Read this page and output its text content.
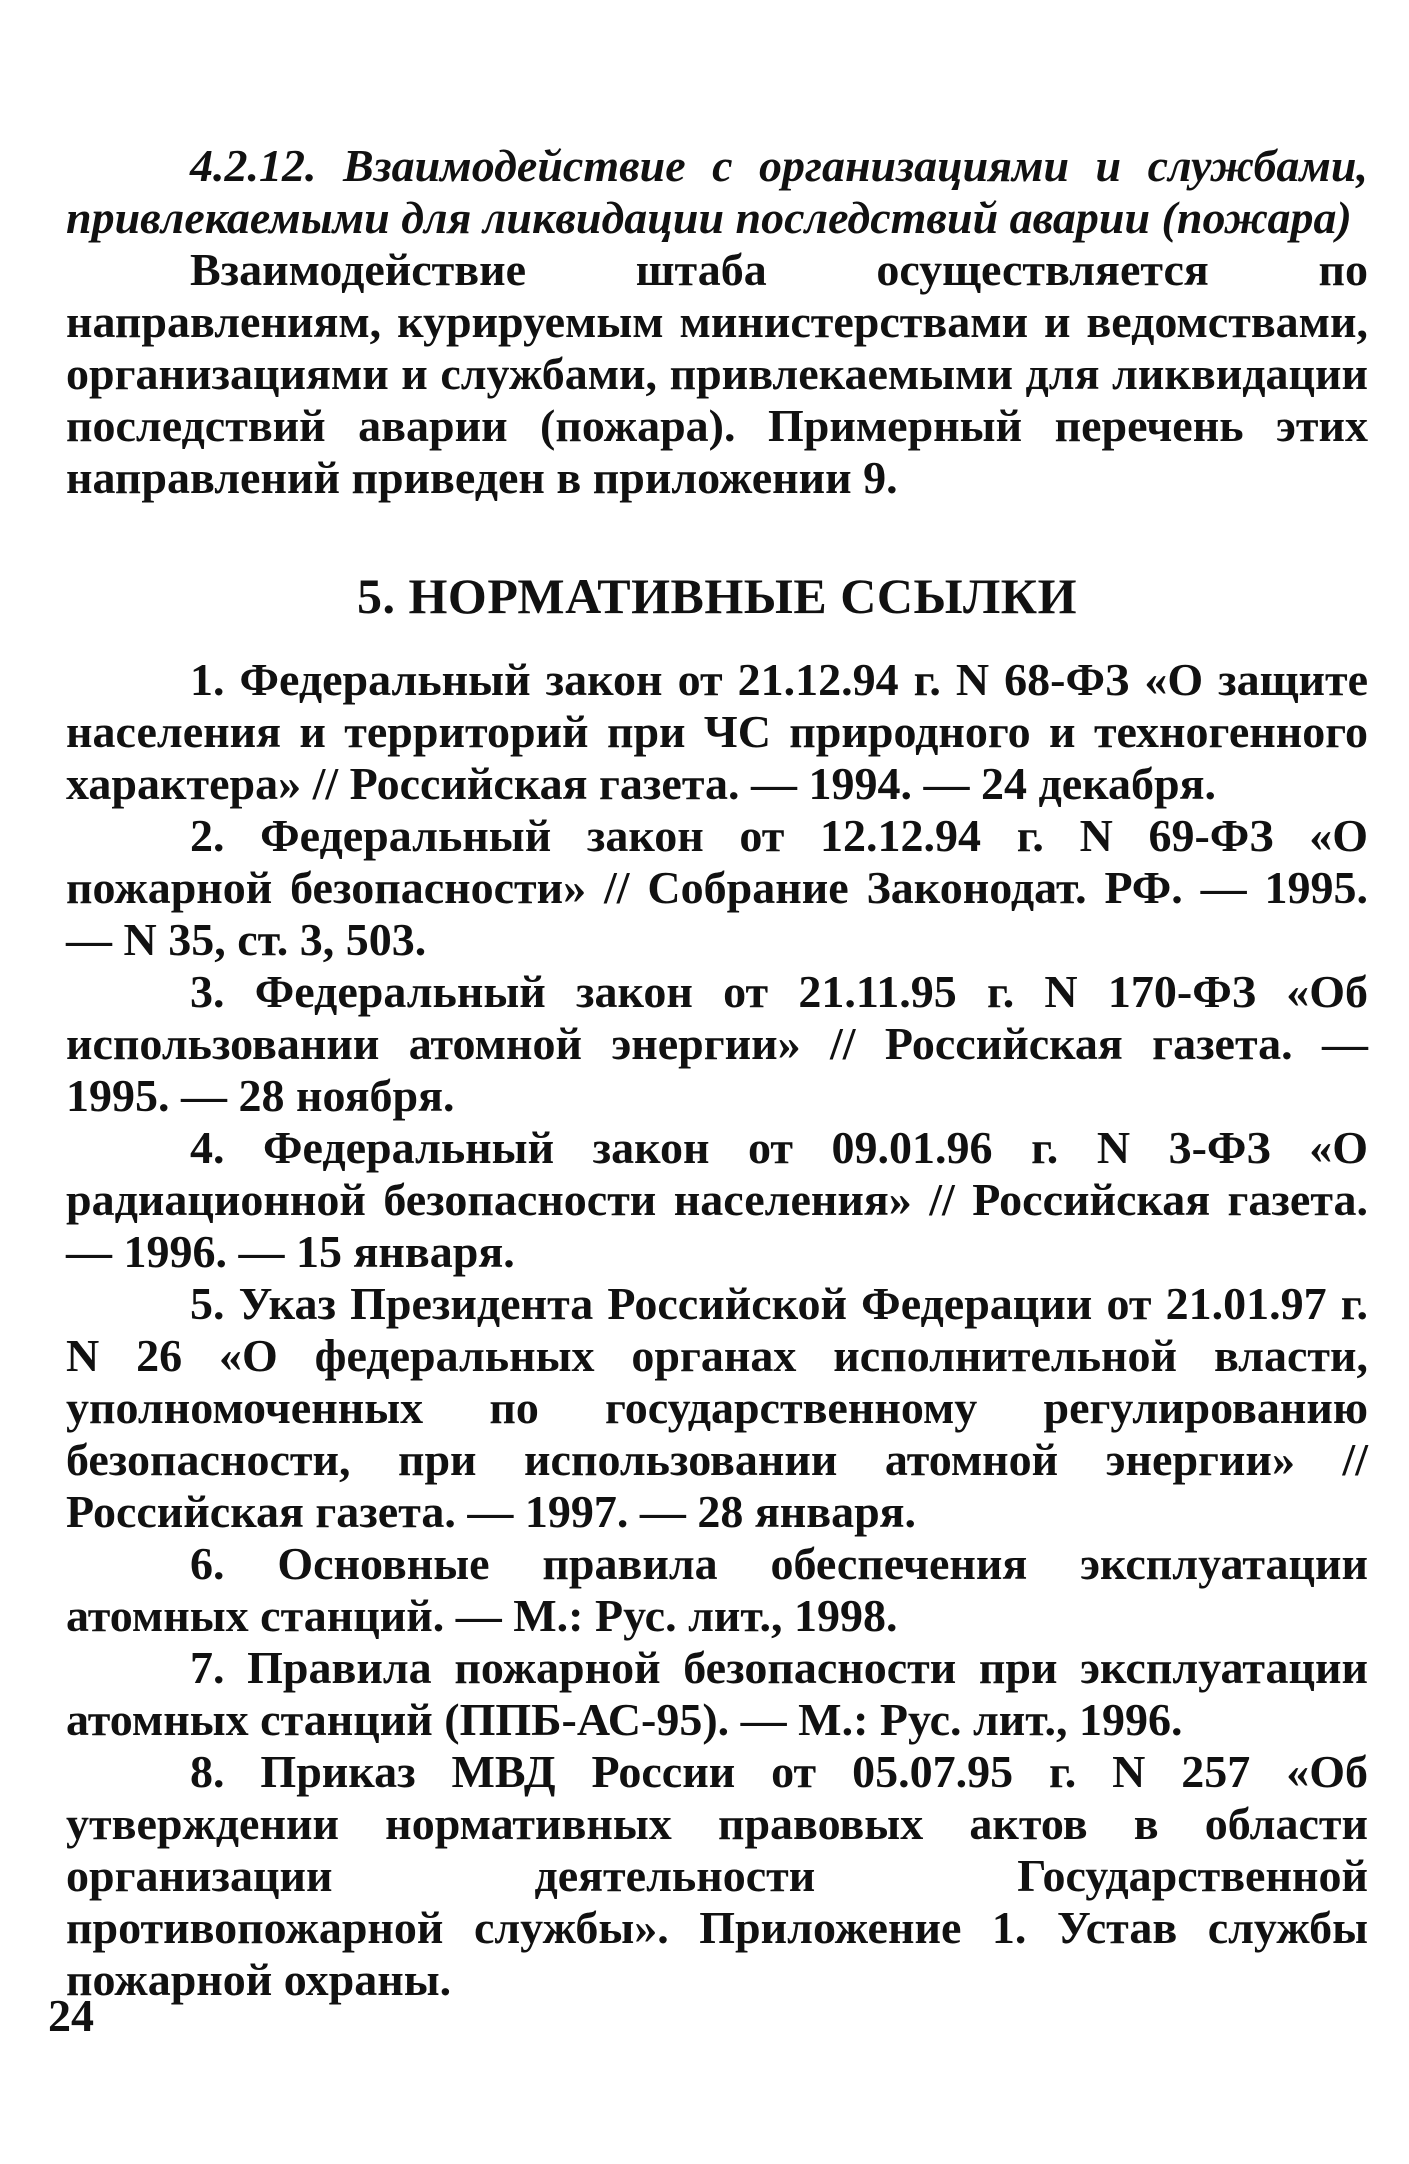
4.2.12. Взаимодействие с организациями и службами, привлекаемыми для ликвидации последствий аварии (пожара)

Взаимодействие штаба осуществляется по направлениям, курируемым министерствами и ведомствами, организациями и службами, привлекаемыми для ликвидации последствий аварии (пожара). Примерный перечень этих направлений приведен в приложении 9.

5. НОРМАТИВНЫЕ ССЫЛКИ

1. Федеральный закон от 21.12.94 г. N 68-ФЗ «О защите населения и территорий при ЧС природного и техногенного характера» // Российская газета. — 1994. — 24 декабря.

2. Федеральный закон от 12.12.94 г. N 69-ФЗ «О пожарной безопасности» // Собрание Законодат. РФ. — 1995. — N 35, ст. 3, 503.

3. Федеральный закон от 21.11.95 г. N 170-ФЗ «Об использовании атомной энергии» // Российская газета. — 1995. — 28 ноября.

4. Федеральный закон от 09.01.96 г. N 3-ФЗ «О радиационной безопасности населения» // Российская газета. — 1996. — 15 января.

5. Указ Президента Российской Федерации от 21.01.97 г. N 26 «О федеральных органах исполнительной власти, уполномоченных по государственному регулированию безопасности, при использовании атомной энергии» // Российская газета. — 1997. — 28 января.

6. Основные правила обеспечения эксплуатации атомных станций. — М.: Рус. лит., 1998.

7. Правила пожарной безопасности при эксплуатации атомных станций (ППБ-АС-95). — М.: Рус. лит., 1996.

8. Приказ МВД России от 05.07.95 г. N 257 «Об утверждении нормативных правовых актов в области организации деятельности Государственной противопожарной службы». Приложение 1. Устав службы пожарной охраны.

24
